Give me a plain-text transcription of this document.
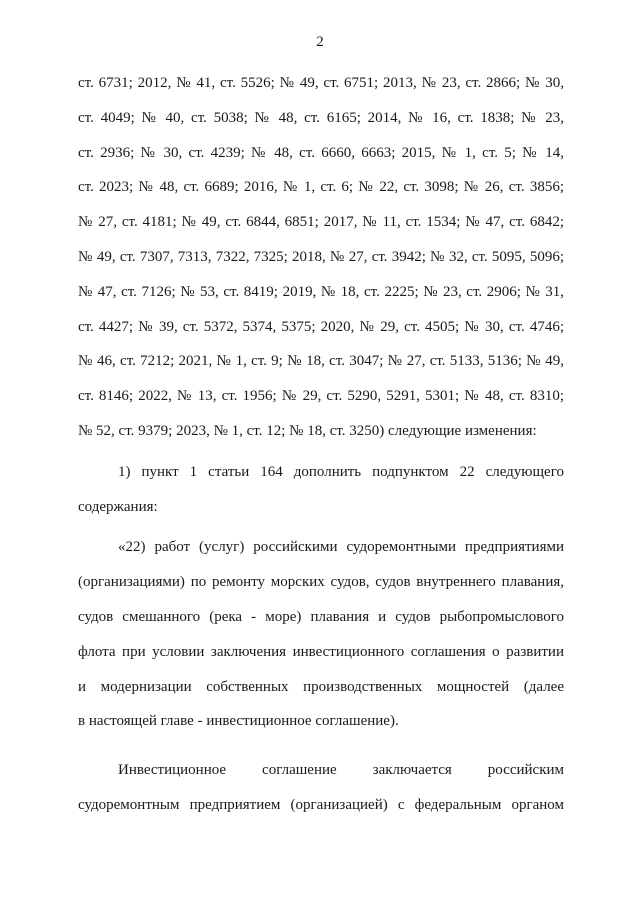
2
ст. 6731; 2012, № 41, ст. 5526; № 49, ст. 6751; 2013, № 23, ст. 2866; № 30,
ст. 4049; № 40, ст. 5038; № 48, ст. 6165; 2014, № 16, ст. 1838; № 23,
ст. 2936; № 30, ст. 4239; № 48, ст. 6660, 6663; 2015, № 1, ст. 5; № 14,
ст. 2023; № 48, ст. 6689; 2016, № 1, ст. 6; № 22, ст. 3098; № 26, ст. 3856;
№ 27, ст. 4181; № 49, ст. 6844, 6851; 2017, № 11, ст. 1534; № 47, ст. 6842;
№ 49, ст. 7307, 7313, 7322, 7325; 2018, № 27, ст. 3942; № 32, ст. 5095, 5096;
№ 47, ст. 7126; № 53, ст. 8419; 2019, № 18, ст. 2225; № 23, ст. 2906; № 31,
ст. 4427; № 39, ст. 5372, 5374, 5375; 2020, № 29, ст. 4505; № 30, ст. 4746;
№ 46, ст. 7212; 2021, № 1, ст. 9; № 18, ст. 3047; № 27, ст. 5133, 5136; № 49,
ст. 8146; 2022, № 13, ст. 1956; № 29, ст. 5290, 5291, 5301; № 48, ст. 8310;
№ 52, ст. 9379; 2023, № 1, ст. 12; № 18, ст. 3250) следующие изменения:
1) пункт 1 статьи 164 дополнить подпунктом 22 следующего
содержания:
«22) работ (услуг) российскими судоремонтными предприятиями
(организациями) по ремонту морских судов, судов внутреннего плавания,
судов смешанного (река - море) плавания и судов рыбопромыслового
флота при условии заключения инвестиционного соглашения о развитии
и модернизации собственных производственных мощностей (далее
в настоящей главе - инвестиционное соглашение).
Инвестиционное соглашение заключается российским
судоремонтным предприятием (организацией) с федеральным органом
